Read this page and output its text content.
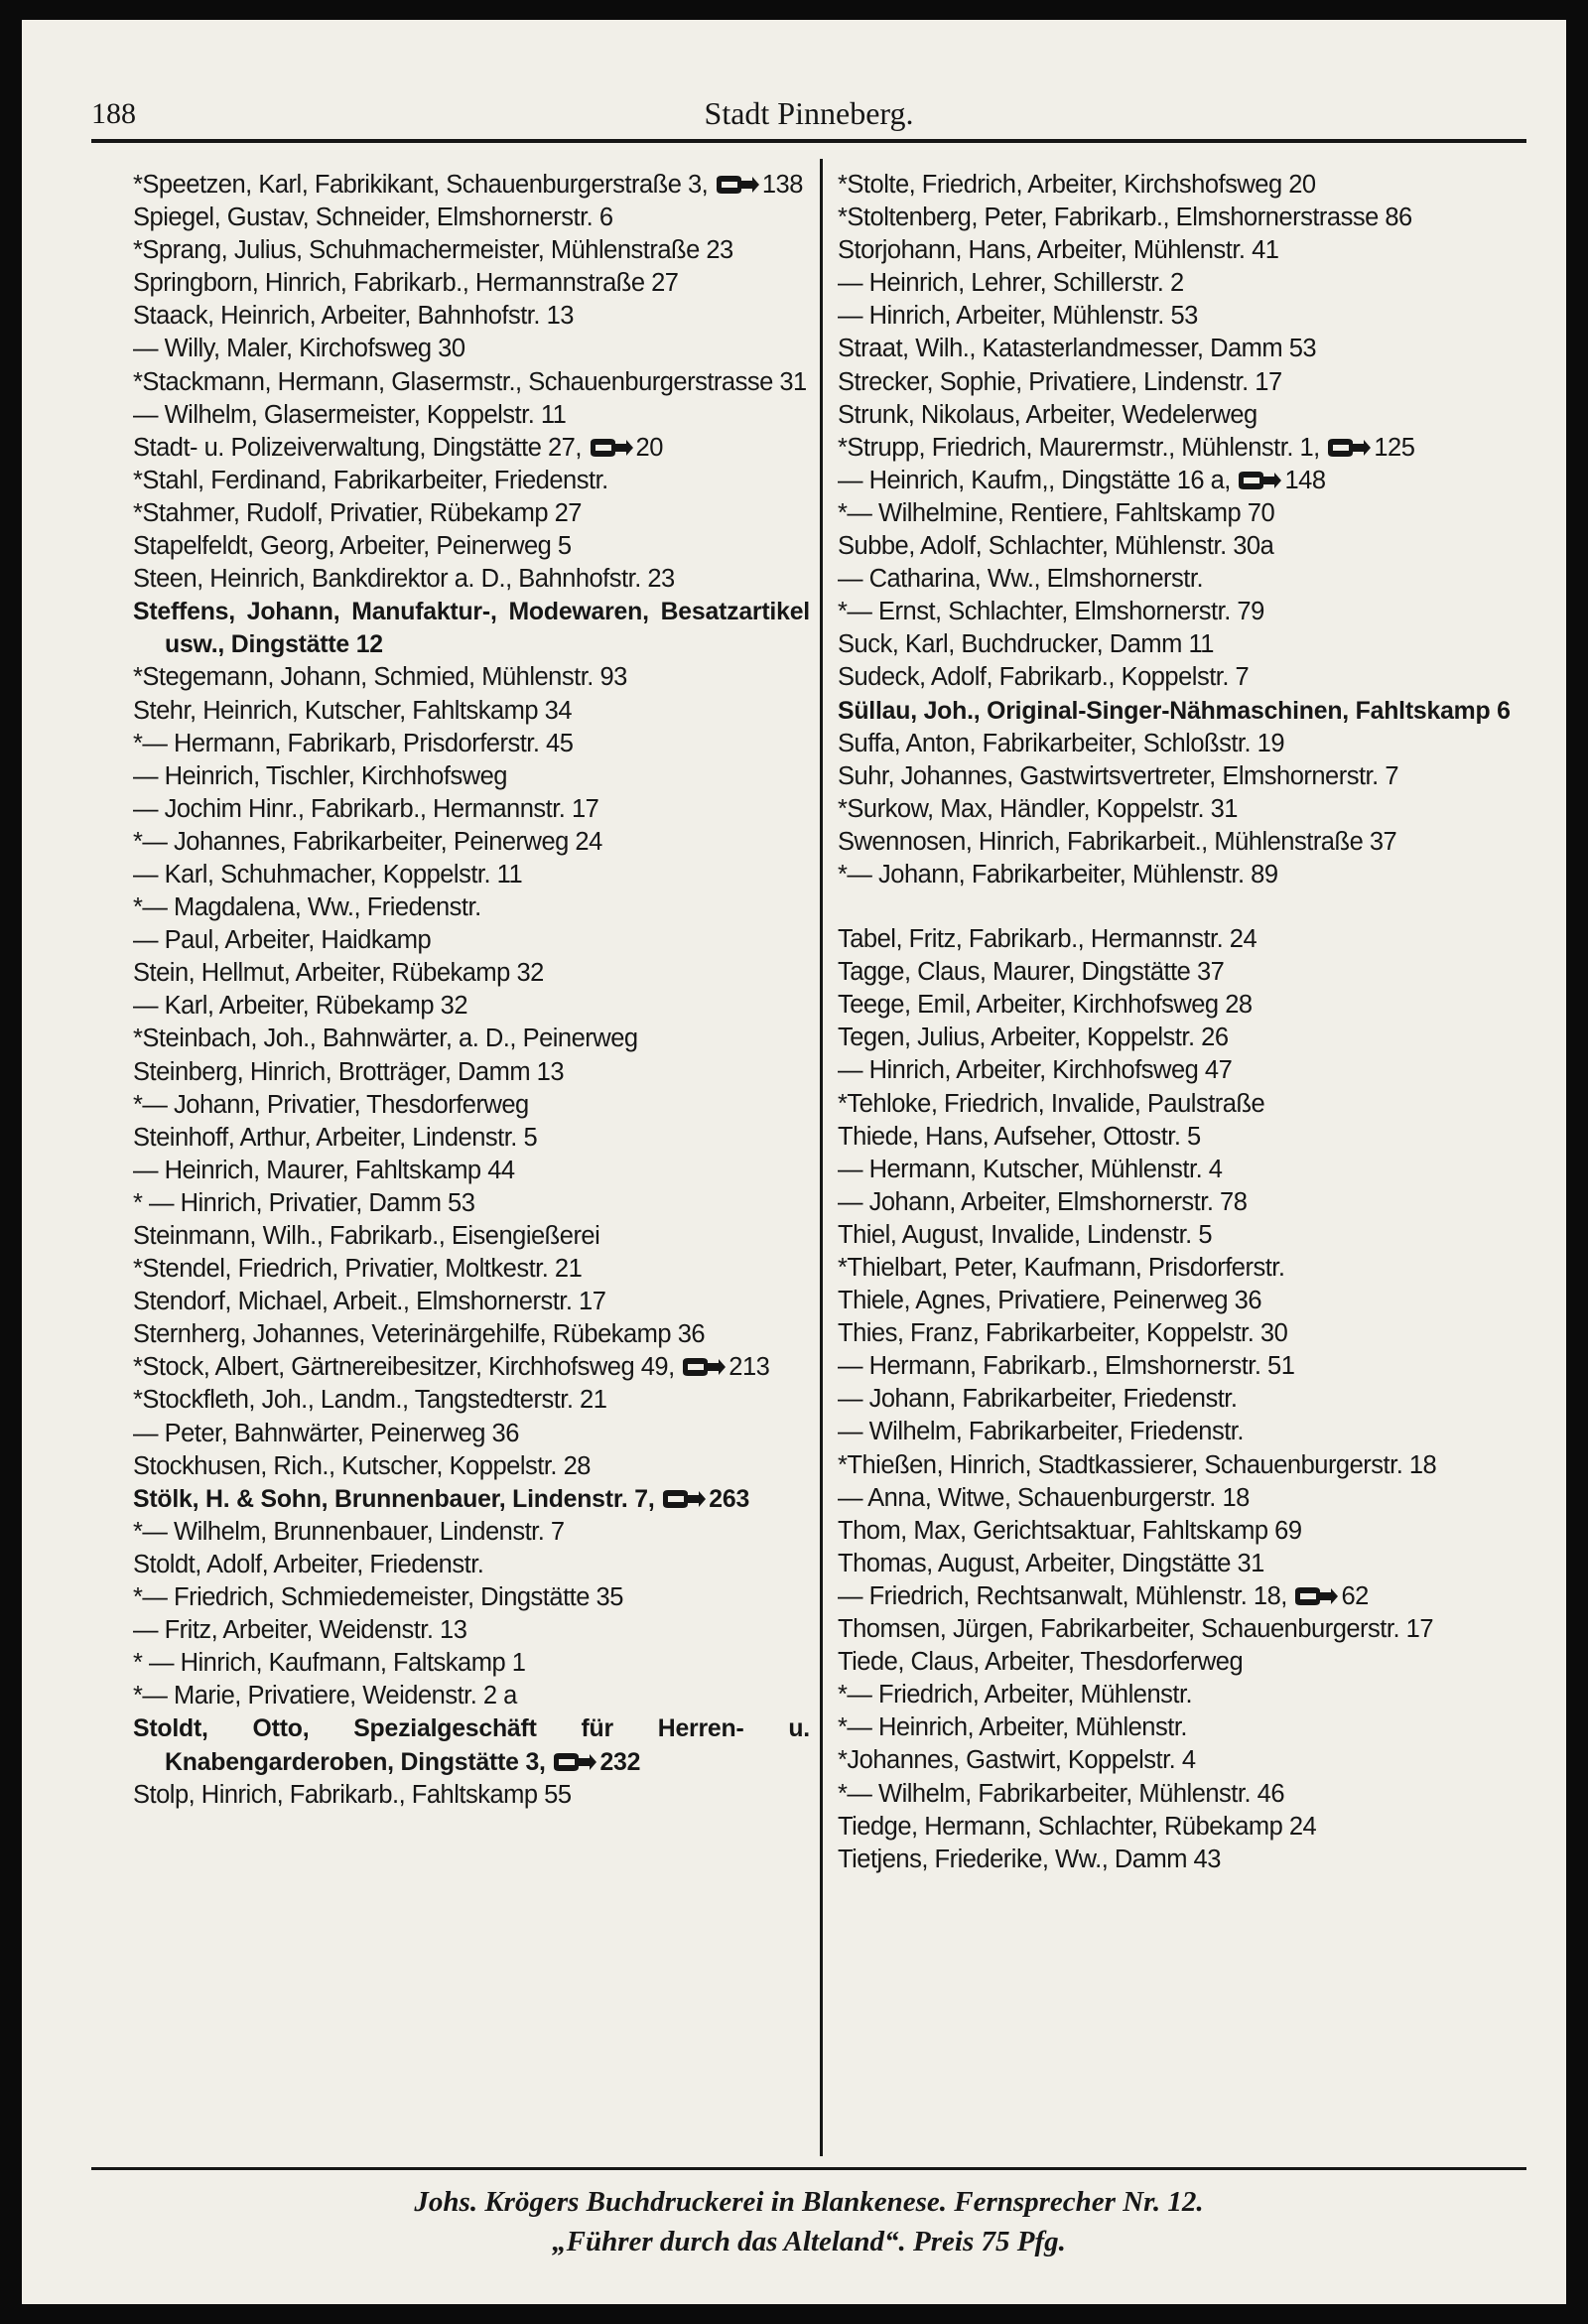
188	Stadt Pinneberg.
*Speetzen, Karl, Fabrikikant, Schauenburgerstraße 3, 138
Spiegel, Gustav, Schneider, Elmshornerstr. 6
*Sprang, Julius, Schuhmachermeister, Mühlenstraße 23
Springborn, Hinrich, Fabrikarb., Hermannstraße 27
Staack, Heinrich, Arbeiter, Bahnhofstr. 13
— Willy, Maler, Kirchofsweg 30
*Stackmann, Hermann, Glasermstr., Schauenburgerstrasse 31
— Wilhelm, Glasermeister, Koppelstr. 11
Stadt- u. Polizeiverwaltung, Dingstätte 27, 20
*Stahl, Ferdinand, Fabrikarbeiter, Friedenstr.
*Stahmer, Rudolf, Privatier, Rübekamp 27
Stapelfeldt, Georg, Arbeiter, Peinerweg 5
Steen, Heinrich, Bankdirektor a. D., Bahnhofstr. 23
Steffens, Johann, Manufaktur-, Modewaren, Besatzartikel usw., Dingstätte 12
*Stegemann, Johann, Schmied, Mühlenstr. 93
Stehr, Heinrich, Kutscher, Fahltskamp 34
*— Hermann, Fabrikarb, Prisdorferstr. 45
— Heinrich, Tischler, Kirchhofsweg
— Jochim Hinr., Fabrikarb., Hermannstr. 17
*— Johannes, Fabrikarbeiter, Peinerweg 24
— Karl, Schuhmacher, Koppelstr. 11
*— Magdalena, Ww., Friedenstr.
— Paul, Arbeiter, Haidkamp
Stein, Hellmut, Arbeiter, Rübekamp 32
— Karl, Arbeiter, Rübekamp 32
*Steinbach, Joh., Bahnwärter, a. D., Peinerweg
Steinberg, Hinrich, Brotträger, Damm 13
*— Johann, Privatier, Thesdorferweg
Steinhoff, Arthur, Arbeiter, Lindenstr. 5
— Heinrich, Maurer, Fahltskamp 44
* — Hinrich, Privatier, Damm 53
Steinmann, Wilh., Fabrikarb., Eisengießerei
*Stendel, Friedrich, Privatier, Moltkestr. 21
Stendorf, Michael, Arbeit., Elmshornerstr. 17
Sternherg, Johannes, Veterinärgehilfe, Rübekamp 36
*Stock, Albert, Gärtnereibesitzer, Kirchhofsweg 49, 213
*Stockfleth, Joh., Landm., Tangstedterstr. 21
— Peter, Bahnwärter, Peinerweg 36
Stockhusen, Rich., Kutscher, Koppelstr. 28
Stölk, H. & Sohn, Brunnenbauer, Lindenstr. 7, 263
*— Wilhelm, Brunnenbauer, Lindenstr. 7
Stoldt, Adolf, Arbeiter, Friedenstr.
*— Friedrich, Schmiedemeister, Dingstätte 35
— Fritz, Arbeiter, Weidenstr. 13
* — Hinrich, Kaufmann, Faltskamp 1
*— Marie, Privatiere, Weidenstr. 2 a
Stoldt, Otto, Spezialgeschäft für Herren- u. Knabengarderoben, Dingstätte 3, 232
Stolp, Hinrich, Fabrikarb., Fahltskamp 55
*Stolte, Friedrich, Arbeiter, Kirchshofsweg 20
*Stoltenberg, Peter, Fabrikarb., Elmshornerstrasse 86
Storjohann, Hans, Arbeiter, Mühlenstr. 41
— Heinrich, Lehrer, Schillerstr. 2
— Hinrich, Arbeiter, Mühlenstr. 53
Straat, Wilh., Katasterlandmesser, Damm 53
Strecker, Sophie, Privatiere, Lindenstr. 17
Strunk, Nikolaus, Arbeiter, Wedelerweg
*Strupp, Friedrich, Maurermstr., Mühlenstr. 1, 125
— Heinrich, Kaufm,, Dingstätte 16 a, 148
*— Wilhelmine, Rentiere, Fahltskamp 70
Subbe, Adolf, Schlachter, Mühlenstr. 30a
— Catharina, Ww., Elmshornerstr.
*— Ernst, Schlachter, Elmshornerstr. 79
Suck, Karl, Buchdrucker, Damm 11
Sudeck, Adolf, Fabrikarb., Koppelstr. 7
Süllau, Joh., Original-Singer-Nähmaschinen, Fahltskamp 6
Suffa, Anton, Fabrikarbeiter, Schloßstr. 19
Suhr, Johannes, Gastwirtsvertreter, Elmshornerstr. 7
*Surkow, Max, Händler, Koppelstr. 31
Swennosen, Hinrich, Fabrikarbeit., Mühlenstraße 37
*— Johann, Fabrikarbeiter, Mühlenstr. 89
Tabel, Fritz, Fabrikarb., Hermannstr. 24
Tagge, Claus, Maurer, Dingstätte 37
Teege, Emil, Arbeiter, Kirchhofsweg 28
Tegen, Julius, Arbeiter, Koppelstr. 26
— Hinrich, Arbeiter, Kirchhofsweg 47
*Tehloke, Friedrich, Invalide, Paulstraße
Thiede, Hans, Aufseher, Ottostr. 5
— Hermann, Kutscher, Mühlenstr. 4
— Johann, Arbeiter, Elmshornerstr. 78
Thiel, August, Invalide, Lindenstr. 5
*Thielbart, Peter, Kaufmann, Prisdorferstr.
Thiele, Agnes, Privatiere, Peinerweg 36
Thies, Franz, Fabrikarbeiter, Koppelstr. 30
— Hermann, Fabrikarb., Elmshornerstr. 51
— Johann, Fabrikarbeiter, Friedenstr.
— Wilhelm, Fabrikarbeiter, Friedenstr.
*Thießen, Hinrich, Stadtkassierer, Schauenburgerstr. 18
— Anna, Witwe, Schauenburgerstr. 18
Thom, Max, Gerichtsaktuar, Fahltskamp 69
Thomas, August, Arbeiter, Dingstätte 31
— Friedrich, Rechtsanwalt, Mühlenstr. 18, 62
Thomsen, Jürgen, Fabrikarbeiter, Schauenburgerstr. 17
Tiede, Claus, Arbeiter, Thesdorferweg
*— Friedrich, Arbeiter, Mühlenstr.
*— Heinrich, Arbeiter, Mühlenstr.
*Johannes, Gastwirt, Koppelstr. 4
*— Wilhelm, Fabrikarbeiter, Mühlenstr. 46
Tiedge, Hermann, Schlachter, Rübekamp 24
Tietjens, Friederike, Ww., Damm 43
Johs. Krögers Buchdruckerei in Blankenese. Fernsprecher Nr. 12.
„Führer durch das Alteland“. Preis 75 Pfg.
